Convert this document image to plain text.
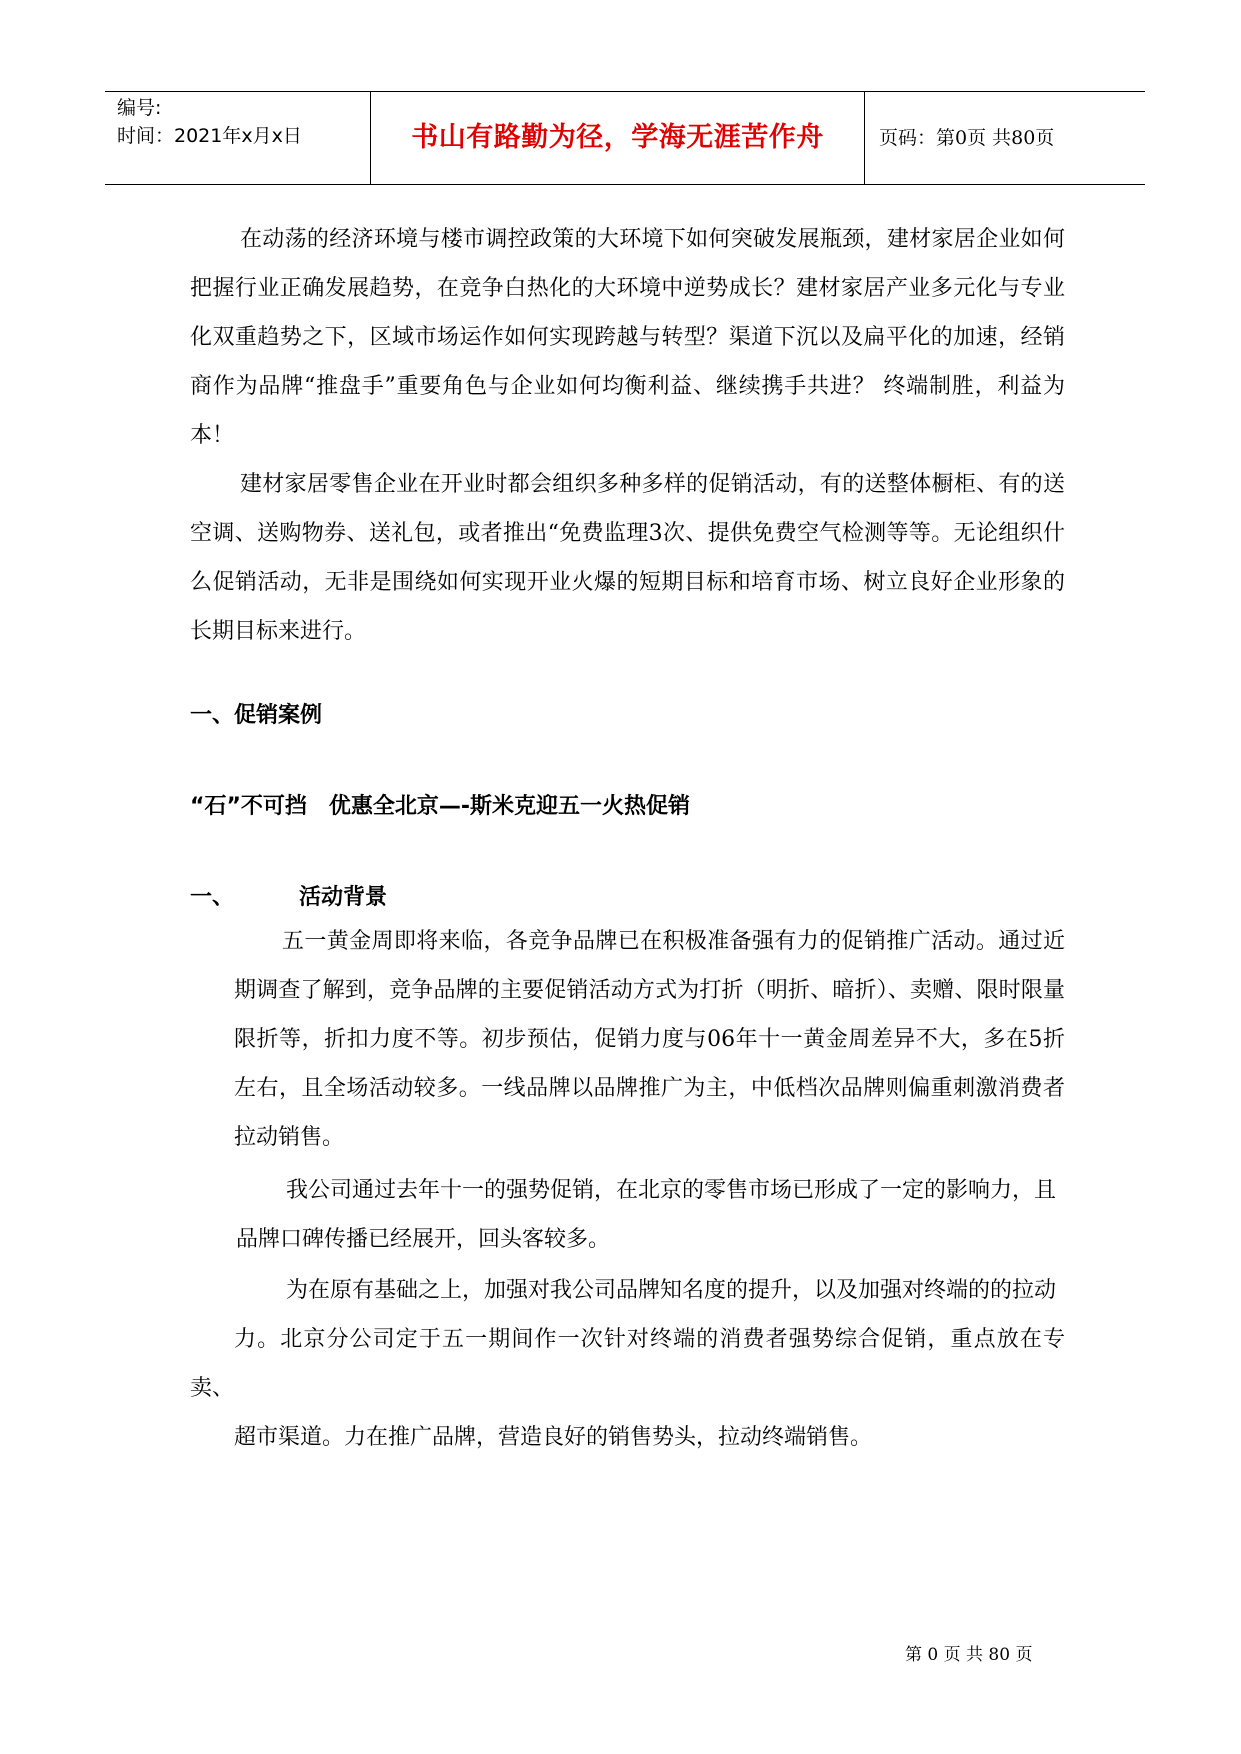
编号:
时间：2021年x月x日	书山有路勤为径，学海无涯苦作舟	页码：第0页 共80页

在动荡的经济环境与楼市调控政策的大环境下如何突破发展瓶颈，建材家居企业如何把握行业正确发展趋势，在竞争白热化的大环境中逆势成长？建材家居产业多元化与专业化双重趋势之下，区域市场运作如何实现跨越与转型？渠道下沉以及扁平化的加速，经销商作为品牌“推盘手”重要角色与企业如何均衡利益、继续携手共进？ 终端制胜，利益为本！

建材家居零售企业在开业时都会组织多种多样的促销活动，有的送整体橱柜、有的送空调、送购物券、送礼包，或者推出“免费监理3次、提供免费空气检测等等。无论组织什么促销活动，无非是围绕如何实现开业火爆的短期目标和培育市场、树立良好企业形象的长期目标来进行。

一、促销案例

“石”不可挡　优惠全北京—-斯米克迎五一火热促销

一、	活动背景

五一黄金周即将来临，各竞争品牌已在积极准备强有力的促销推广活动。通过近期调查了解到，竞争品牌的主要促销活动方式为打折（明折、暗折）、卖赠、限时限量限折等，折扣力度不等。初步预估，促销力度与06年十一黄金周差异不大，多在5折左右，且全场活动较多。一线品牌以品牌推广为主，中低档次品牌则偏重刺激消费者拉动销售。

我公司通过去年十一的强势促销，在北京的零售市场已形成了一定的影响力，且

品牌口碑传播已经展开，回头客较多。

为在原有基础之上，加强对我公司品牌知名度的提升，以及加强对终端的的拉动

力。北京分公司定于五一期间作一次针对终端的消费者强势综合促销，重点放在专卖、

超市渠道。力在推广品牌，营造良好的销售势头，拉动终端销售。

第 0 页 共 80 页
